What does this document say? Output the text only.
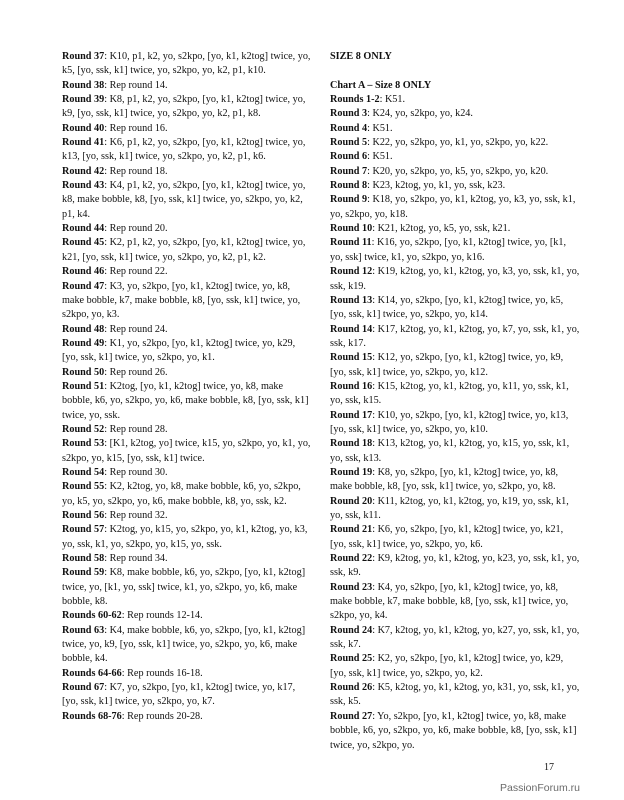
Round 37: K10, p1, k2, yo, s2kpo, [yo, k1, k2tog] twice, yo, k5, [yo, ssk, k1] twice, yo, s2kpo, yo, k2, p1, k10.

Round 38: Rep round 14.

Round 39: K8, p1, k2, yo, s2kpo, [yo, k1, k2tog] twice, yo, k9, [yo, ssk, k1] twice, yo, s2kpo, yo, k2, p1, k8.

Round 40: Rep round 16.

Round 41: K6, p1, k2, yo, s2kpo, [yo, k1, k2tog] twice, yo, k13, [yo, ssk, k1] twice, yo, s2kpo, yo, k2, p1, k6.

Round 42: Rep round 18.

Round 43: K4, p1, k2, yo, s2kpo, [yo, k1, k2tog] twice, yo, k8, make bobble, k8, [yo, ssk, k1] twice, yo, s2kpo, yo, k2, p1, k4.

Round 44: Rep round 20.

Round 45: K2, p1, k2, yo, s2kpo, [yo, k1, k2tog] twice, yo, k21, [yo, ssk, k1] twice, yo, s2kpo, yo, k2, p1, k2.

Round 46: Rep round 22.

Round 47: K3, yo, s2kpo, [yo, k1, k2tog] twice, yo, k8, make bobble, k7, make bobble, k8, [yo, ssk, k1] twice, yo, s2kpo, yo, k3.

Round 48: Rep round 24.

Round 49: K1, yo, s2kpo, [yo, k1, k2tog] twice, yo, k29, [yo, ssk, k1] twice, yo, s2kpo, yo, k1.

Round 50: Rep round 26.

Round 51: K2tog, [yo, k1, k2tog] twice, yo, k8, make bobble, k6, yo, s2kpo, yo, k6, make bobble, k8, [yo, ssk, k1] twice, yo, ssk.

Round 52: Rep round 28.

Round 53: [K1, k2tog, yo] twice, k15, yo, s2kpo, yo, k1, yo, s2kpo, yo, k15, [yo, ssk, k1] twice.

Round 54: Rep round 30.

Round 55: K2, k2tog, yo, k8, make bobble, k6, yo, s2kpo, yo, k5, yo, s2kpo, yo, k6, make bobble, k8, yo, ssk, k2.

Round 56: Rep round 32.

Round 57: K2tog, yo, k15, yo, s2kpo, yo, k1, k2tog, yo, k3, yo, ssk, k1, yo, s2kpo, yo, k15, yo, ssk.

Round 58: Rep round 34.

Round 59: K8, make bobble, k6, yo, s2kpo, [yo, k1, k2tog] twice, yo, [k1, yo, ssk] twice, k1, yo, s2kpo, yo, k6, make bobble, k8.

Rounds 60-62: Rep rounds 12-14.

Round 63: K4, make bobble, k6, yo, s2kpo, [yo, k1, k2tog] twice, yo, k9, [yo, ssk, k1] twice, yo, s2kpo, yo, k6, make bobble, k4.

Rounds 64-66: Rep rounds 16-18.

Round 67: K7, yo, s2kpo, [yo, k1, k2tog] twice, yo, k17, [yo, ssk, k1] twice, yo, s2kpo, yo, k7.

Rounds 68-76: Rep rounds 20-28.

SIZE 8 ONLY

Chart A – Size 8 ONLY

Rounds 1-2: K51.

Round 3: K24, yo, s2kpo, yo, k24.

Round 4: K51.

Round 5: K22, yo, s2kpo, yo, k1, yo, s2kpo, yo, k22.

Round 6: K51.

Round 7: K20, yo, s2kpo, yo, k5, yo, s2kpo, yo, k20.

Round 8: K23, k2tog, yo, k1, yo, ssk, k23.

Round 9: K18, yo, s2kpo, yo, k1, k2tog, yo, k3, yo, ssk, k1, yo, s2kpo, yo, k18.

Round 10: K21, k2tog, yo, k5, yo, ssk, k21.

Round 11: K16, yo, s2kpo, [yo, k1, k2tog] twice, yo, [k1, yo, ssk] twice, k1, yo, s2kpo, yo, k16.

Round 12: K19, k2tog, yo, k1, k2tog, yo, k3, yo, ssk, k1, yo, ssk, k19.

Round 13: K14, yo, s2kpo, [yo, k1, k2tog] twice, yo, k5, [yo, ssk, k1] twice, yo, s2kpo, yo, k14.

Round 14: K17, k2tog, yo, k1, k2tog, yo, k7, yo, ssk, k1, yo, ssk, k17.

Round 15: K12, yo, s2kpo, [yo, k1, k2tog] twice, yo, k9, [yo, ssk, k1] twice, yo, s2kpo, yo, k12.

Round 16: K15, k2tog, yo, k1, k2tog, yo, k11, yo, ssk, k1, yo, ssk, k15.

Round 17: K10, yo, s2kpo, [yo, k1, k2tog] twice, yo, k13, [yo, ssk, k1] twice, yo, s2kpo, yo, k10.

Round 18: K13, k2tog, yo, k1, k2tog, yo, k15, yo, ssk, k1, yo, ssk, k13.

Round 19: K8, yo, s2kpo, [yo, k1, k2tog] twice, yo, k8, make bobble, k8, [yo, ssk, k1] twice, yo, s2kpo, yo, k8.

Round 20: K11, k2tog, yo, k1, k2tog, yo, k19, yo, ssk, k1, yo, ssk, k11.

Round 21: K6, yo, s2kpo, [yo, k1, k2tog] twice, yo, k21, [yo, ssk, k1] twice, yo, s2kpo, yo, k6.

Round 22: K9, k2tog, yo, k1, k2tog, yo, k23, yo, ssk, k1, yo, ssk, k9.

Round 23: K4, yo, s2kpo, [yo, k1, k2tog] twice, yo, k8, make bobble, k7, make bobble, k8, [yo, ssk, k1] twice, yo, s2kpo, yo, k4.

Round 24: K7, k2tog, yo, k1, k2tog, yo, k27, yo, ssk, k1, yo, ssk, k7.

Round 25: K2, yo, s2kpo, [yo, k1, k2tog] twice, yo, k29, [yo, ssk, k1] twice, yo, s2kpo, yo, k2.

Round 26: K5, k2tog, yo, k1, k2tog, yo, k31, yo, ssk, k1, yo, ssk, k5.

Round 27: Yo, s2kpo, [yo, k1, k2tog] twice, yo, k8, make bobble, k6, yo, s2kpo, yo, k6, make bobble, k8, [yo, ssk, k1] twice, yo, s2kpo, yo.

17
PassionForum.ru
